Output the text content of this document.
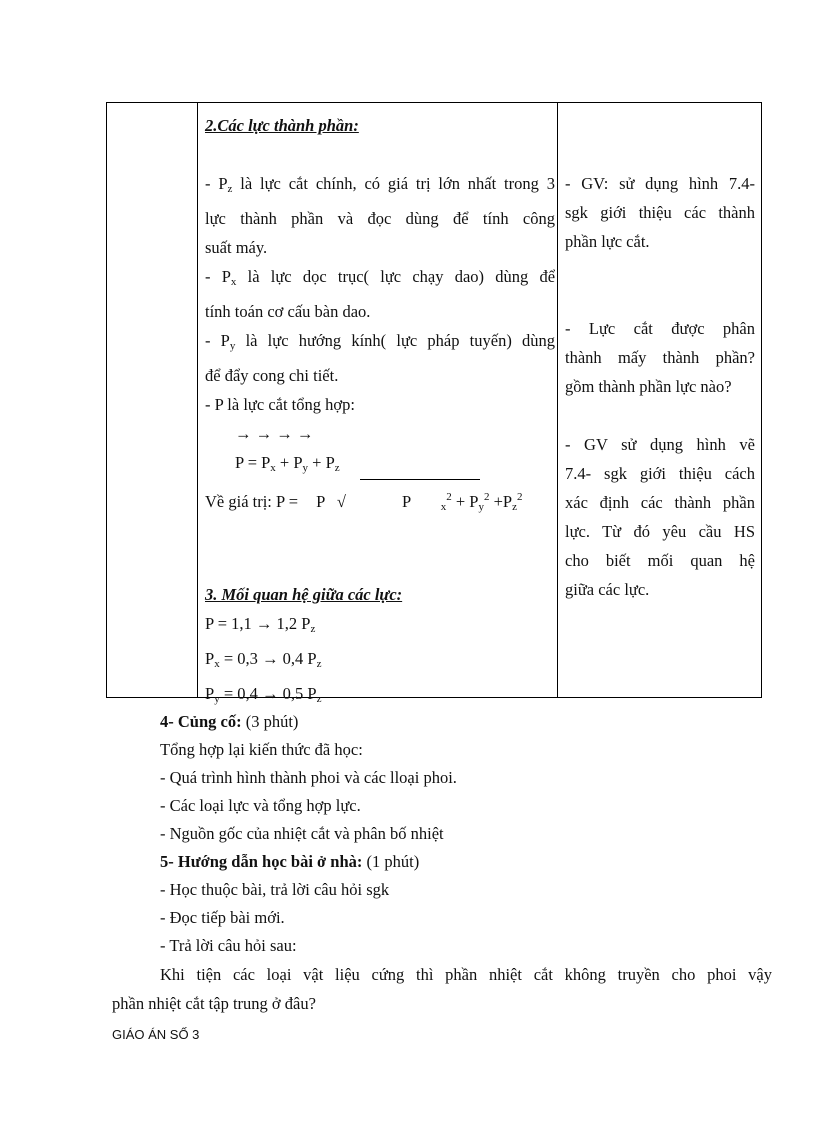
2.Các lực thành phần:
- $P_z$ là lực cắt chính, có giá trị lớn nhất trong 3
lực thành phần và đọc dùng để tính công
suất máy.
- $P_x$ là lực dọc trục( lực chạy dao) dùng để
tính toán cơ cấu bàn dao.
- $P_y$ là lực hướng kính( lực pháp tuyến) dùng
để đẩy cong chi tiết.
- P là lực cắt tổng hợp:
→ → → →
$P = P_x + P_y + P_z$
Về giá trị: P = P √	P	$_x^2 + P_y^2 +P_z^2$
3. Mối quan hệ giữa các lực:
P = 1,1 → 1,2 $P_z$
$P_x = 0,3 \to 0,4$ $P_z$
$P_y = 0,4 \to 0,5$ $P_z$
- GV: sử dụng hình 7.4-
sgk giới thiệu các thành
phần lực cắt.
- Lực cắt được phân
thành mấy thành phần?
gồm thành phần lực nào?
- GV sử dụng hình vẽ
7.4- sgk giới thiệu cách
xác định các thành phần
lực. Từ đó yêu cầu HS
cho biết mối quan hệ
giữa các lực.
4- Củng cố: (3 phút)
Tổng hợp lại kiến thức đã học:
- Quá trình hình thành phoi và các lloại phoi.
- Các loại lực và tổng hợp lực.
- Nguồn gốc của nhiệt cắt và phân bố nhiệt
5- Hướng dẫn học bài ở nhà: (1 phút)
- Học thuộc bài, trả lời câu hỏi sgk
- Đọc tiếp bài mới.
- Trả lời câu hỏi sau:
Khi tiện các loại vật liệu cứng thì phần nhiệt cắt không truyền cho phoi vậy
phần nhiệt cắt tập trung ở đâu?
GIÁO ÁN SỐ 3
